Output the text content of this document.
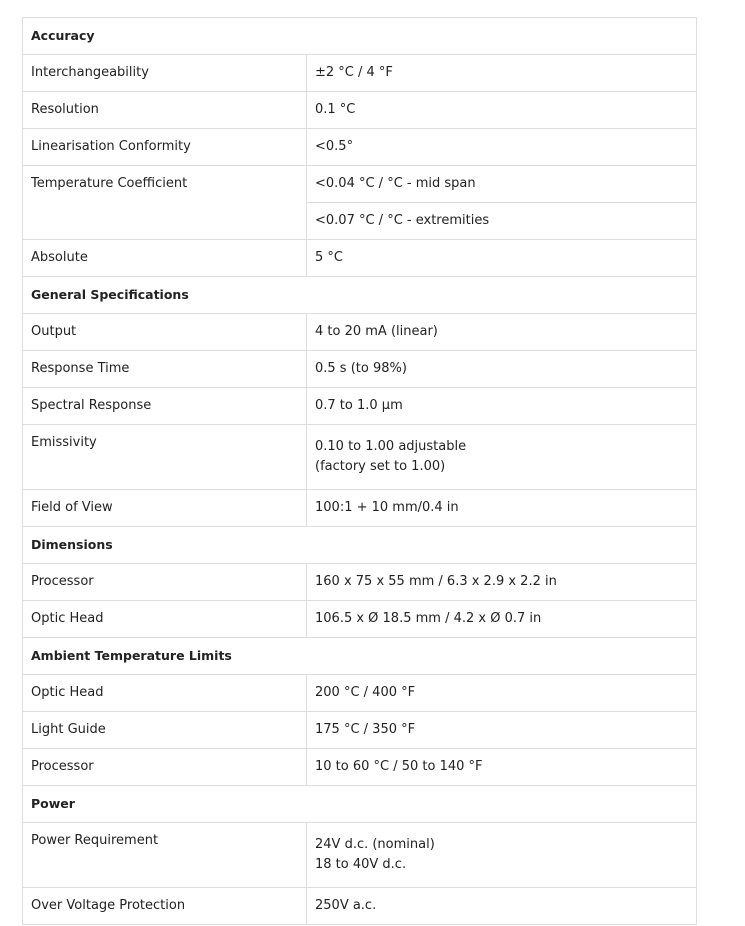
Accuracy	
Interchangeability	±2 °C / 4 °F
Resolution	0.1 °C
Linearisation Conformity	<0.5°
Temperature Coefficient	<0.04 °C / °C - mid span
	<0.07 °C / °C - extremities
Absolute	5 °C
General Specifications	
Output	4 to 20 mA (linear)
Response Time	0.5 s (to 98%)
Spectral Response	0.7 to 1.0 µm
Emissivity	0.10 to 1.00 adjustable
(factory set to 1.00)

Field of View	100:1 + 10 mm/0.4 in
Dimensions	
Processor	160 x 75 x 55 mm / 6.3 x 2.9 x 2.2 in
Optic Head	106.5 x Ø 18.5 mm / 4.2 x Ø 0.7 in
Ambient Temperature Limits	
Optic Head	200 °C / 400 °F
Light Guide	175 °C / 350 °F
Processor	10 to 60 °C / 50 to 140 °F
Power	
Power Requirement	24V d.c. (nominal)
18 to 40V d.c.

Over Voltage Protection	250V a.c.
